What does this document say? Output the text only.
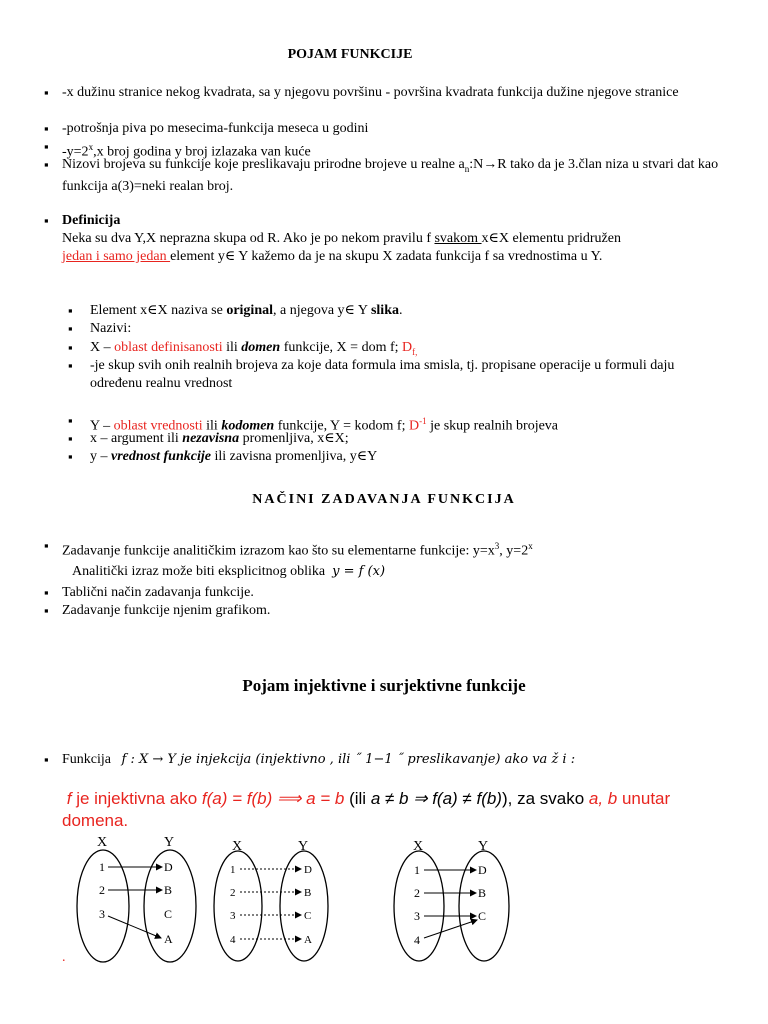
POJAM FUNKCIJE
▪ -x dužinu stranice nekog kvadrata, sa y njegovu površinu - površina kvadrata funkcija dužine njegove stranice
▪ -potrošnja piva po mesecima-funkcija meseca u godini
▪ $-y=2^x,x$ broj godina y broj izlazaka van kuće
▪ Nizovi brojeva su funkcije koje preslikavaju prirodne brojeve u realne $a_n:N\to R$ tako da je 3.član niza u stvari dat kao funkcija a(3)=neki realan broj.
▪ Definicija
Neka su dva Y,X neprazna skupa od R. Ako je po nekom pravilu f svakom x∈X elementu pridružen
jedan i samo jedan element y∈ Y kažemo da je na skupu X zadata funkcija f sa vrednostima u Y.
▪ Element x∈X naziva se original, a njegova y∈ Y slika.
▪ Nazivi:
▪ X – oblast definisanosti ili domen funkcije, X = dom f; $D_{f,}$
▪ -je skup svih onih realnih brojeva za koje data formula ima smisla, tj. propisane operacije u formuli daju određenu realnu vrednost
▪ Y – oblast vrednosti ili kodomen funkcije, Y = kodom f; $D^{-1}$ je skup realnih brojeva
▪ x – argument ili nezavisna promenljiva, x∈X;
▪ y – vrednost funkcije ili zavisna promenljiva, y∈Y
NAČINI ZADAVANJA FUNKCIJA
▪ Zadavanje funkcije analitičkim izrazom kao što su elementarne funkcije: $y=x^3$, $y=2^x$
Analitički izraz može biti eksplicitnog oblika y = f (x)
▪ Tablični način zadavanja funkcije.
▪ Zadavanje funkcije njenim grafikom.
Pojam injektivne i surjektivne funkcije
▪ Funkcija f : X → Y je injekcija (injektivno , ili ˝ 1−1 ˝ preslikavanje) ako va ž i :
f je injektivna ako f(a) = f(b) ⟹ a = b (ili a ≠ b ⇒ f(a) ≠ f(b)), za svako a, b unutar
domena.
X	Y
1
2
3
D
B
C
A
X	Y
1
2
3
4
D
B
C
A
X	Y
1
2
3
4
D
B
C
.
